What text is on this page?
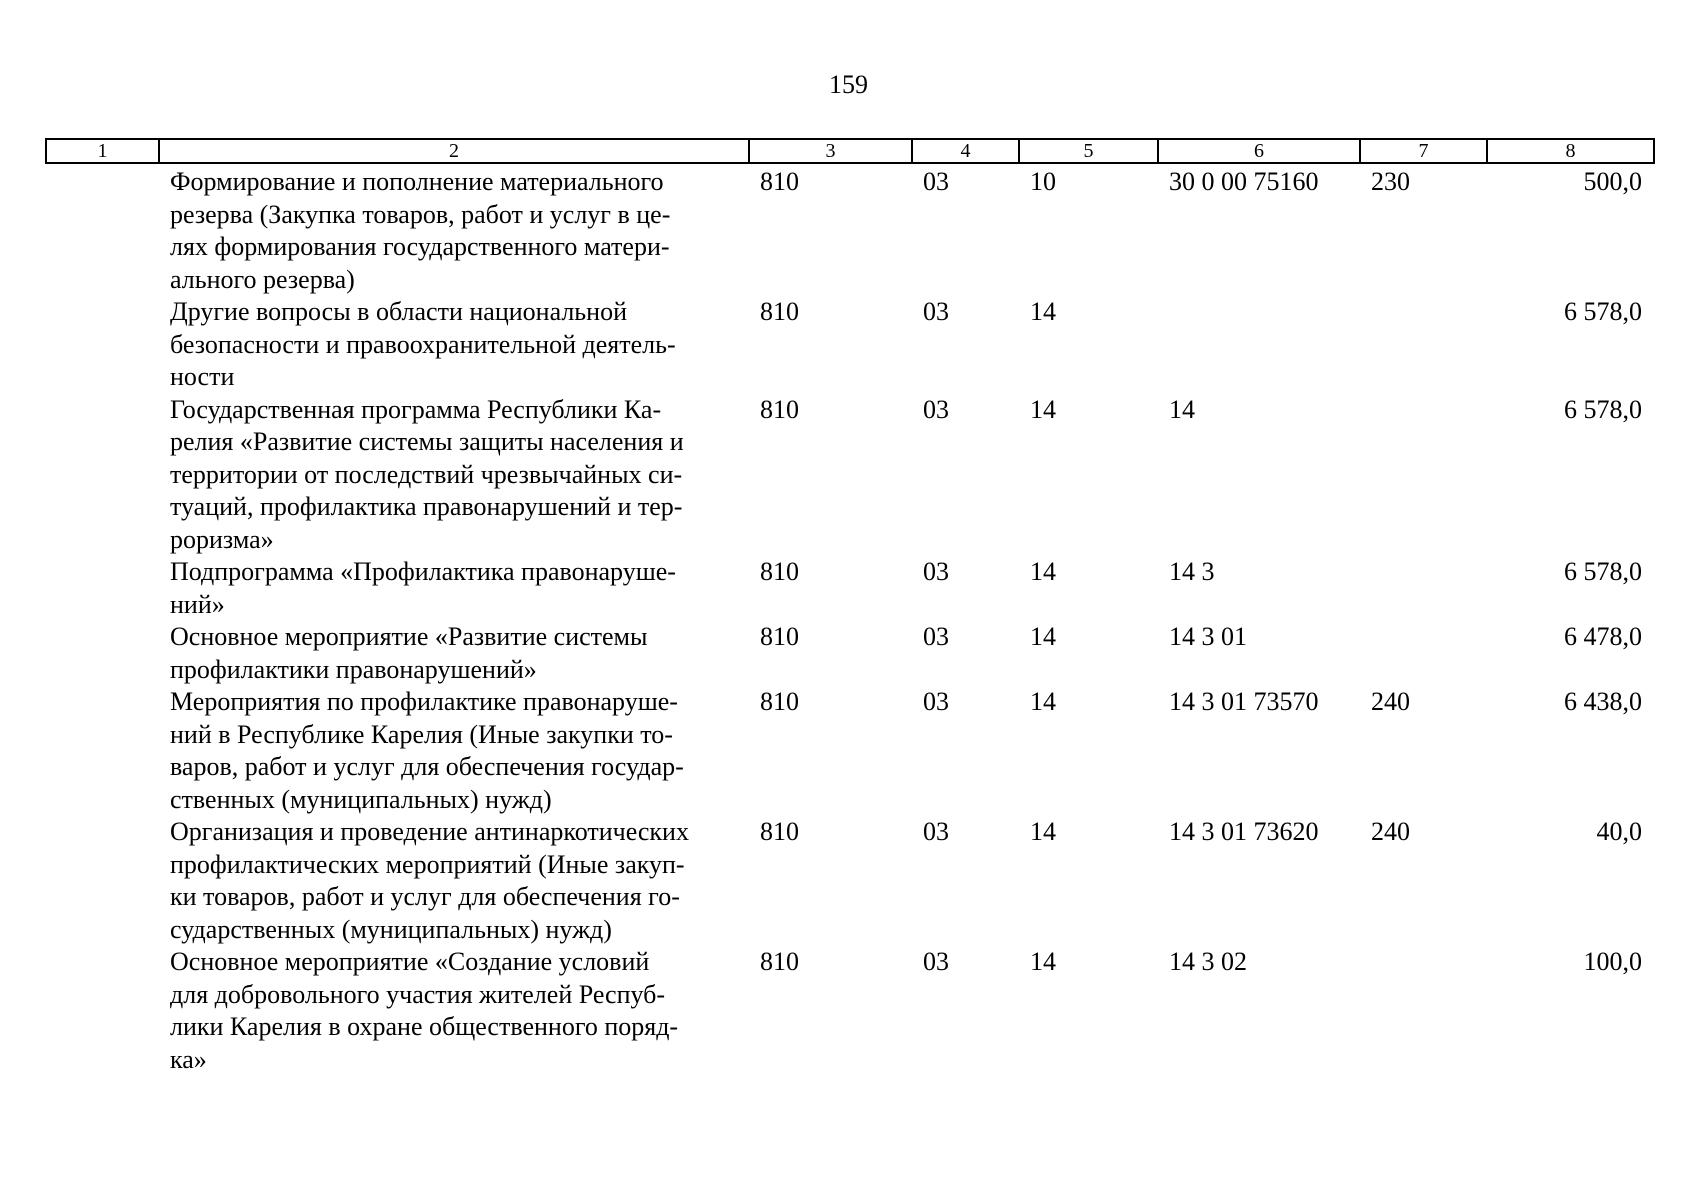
159
1	2	3	4	5	6	7	8
	Формирование и пополнение материального
резерва (Закупка товаров, работ и услуг в це-
лях формирования государственного матери-
ального резерва)	810	03	10	30 0 00 75160	230	500,0
	Другие вопросы в области национальной
безопасности и правоохранительной деятель-
ности	810	03	14			6 578,0
	Государственная программа Республики Ка-
релия «Развитие системы защиты населения и
территории от последствий чрезвычайных си-
туаций, профилактика правонарушений и тер-
роризма»	810	03	14	14		6 578,0
	Подпрограмма «Профилактика правонаруше-
ний»	810	03	14	14 3		6 578,0
	Основное мероприятие «Развитие системы
профилактики правонарушений»	810	03	14	14 3 01		6 478,0
	Мероприятия по профилактике правонаруше-
ний в Республике Карелия (Иные закупки то-
варов, работ и услуг для обеспечения государ-
ственных (муниципальных) нужд)	810	03	14	14 3 01 73570	240	6 438,0
	Организация и проведение антинаркотических
профилактических мероприятий (Иные закуп-
ки товаров, работ и услуг для обеспечения го-
сударственных (муниципальных) нужд)	810	03	14	14 3 01 73620	240	40,0
	Основное мероприятие «Создание условий
для добровольного участия жителей Респуб-
лики Карелия в охране общественного поряд-
ка»	810	03	14	14 3 02		100,0
